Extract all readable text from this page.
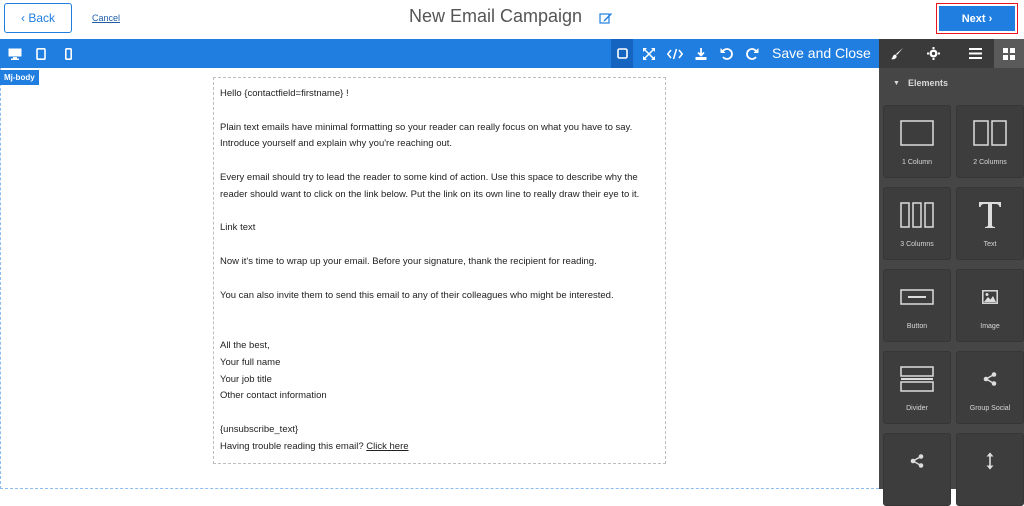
‹ Back	Cancel	New Email Campaign	Next ›
Save and Close
Mj-body

Hello {contactfield=firstname} !

Plain text emails have minimal formatting so your reader can really focus on what you have to say.

Introduce yourself and explain why you're reaching out.

Every email should try to lead the reader to some kind of action. Use this space to describe why the

reader should want to click on the link below. Put the link on its own line to really draw their eye to it.

Link text

Now it's time to wrap up your email. Before your signature, thank the recipient for reading.

You can also invite them to send this email to any of their colleagues who might be interested.

All the best,

Your full name

Your job title

Other contact information

{unsubscribe_text}

Having trouble reading this email? Click here

▼ Elements
1 Column	2 Columns
3 Columns	Text
Button	Image
Divider	Group Social
